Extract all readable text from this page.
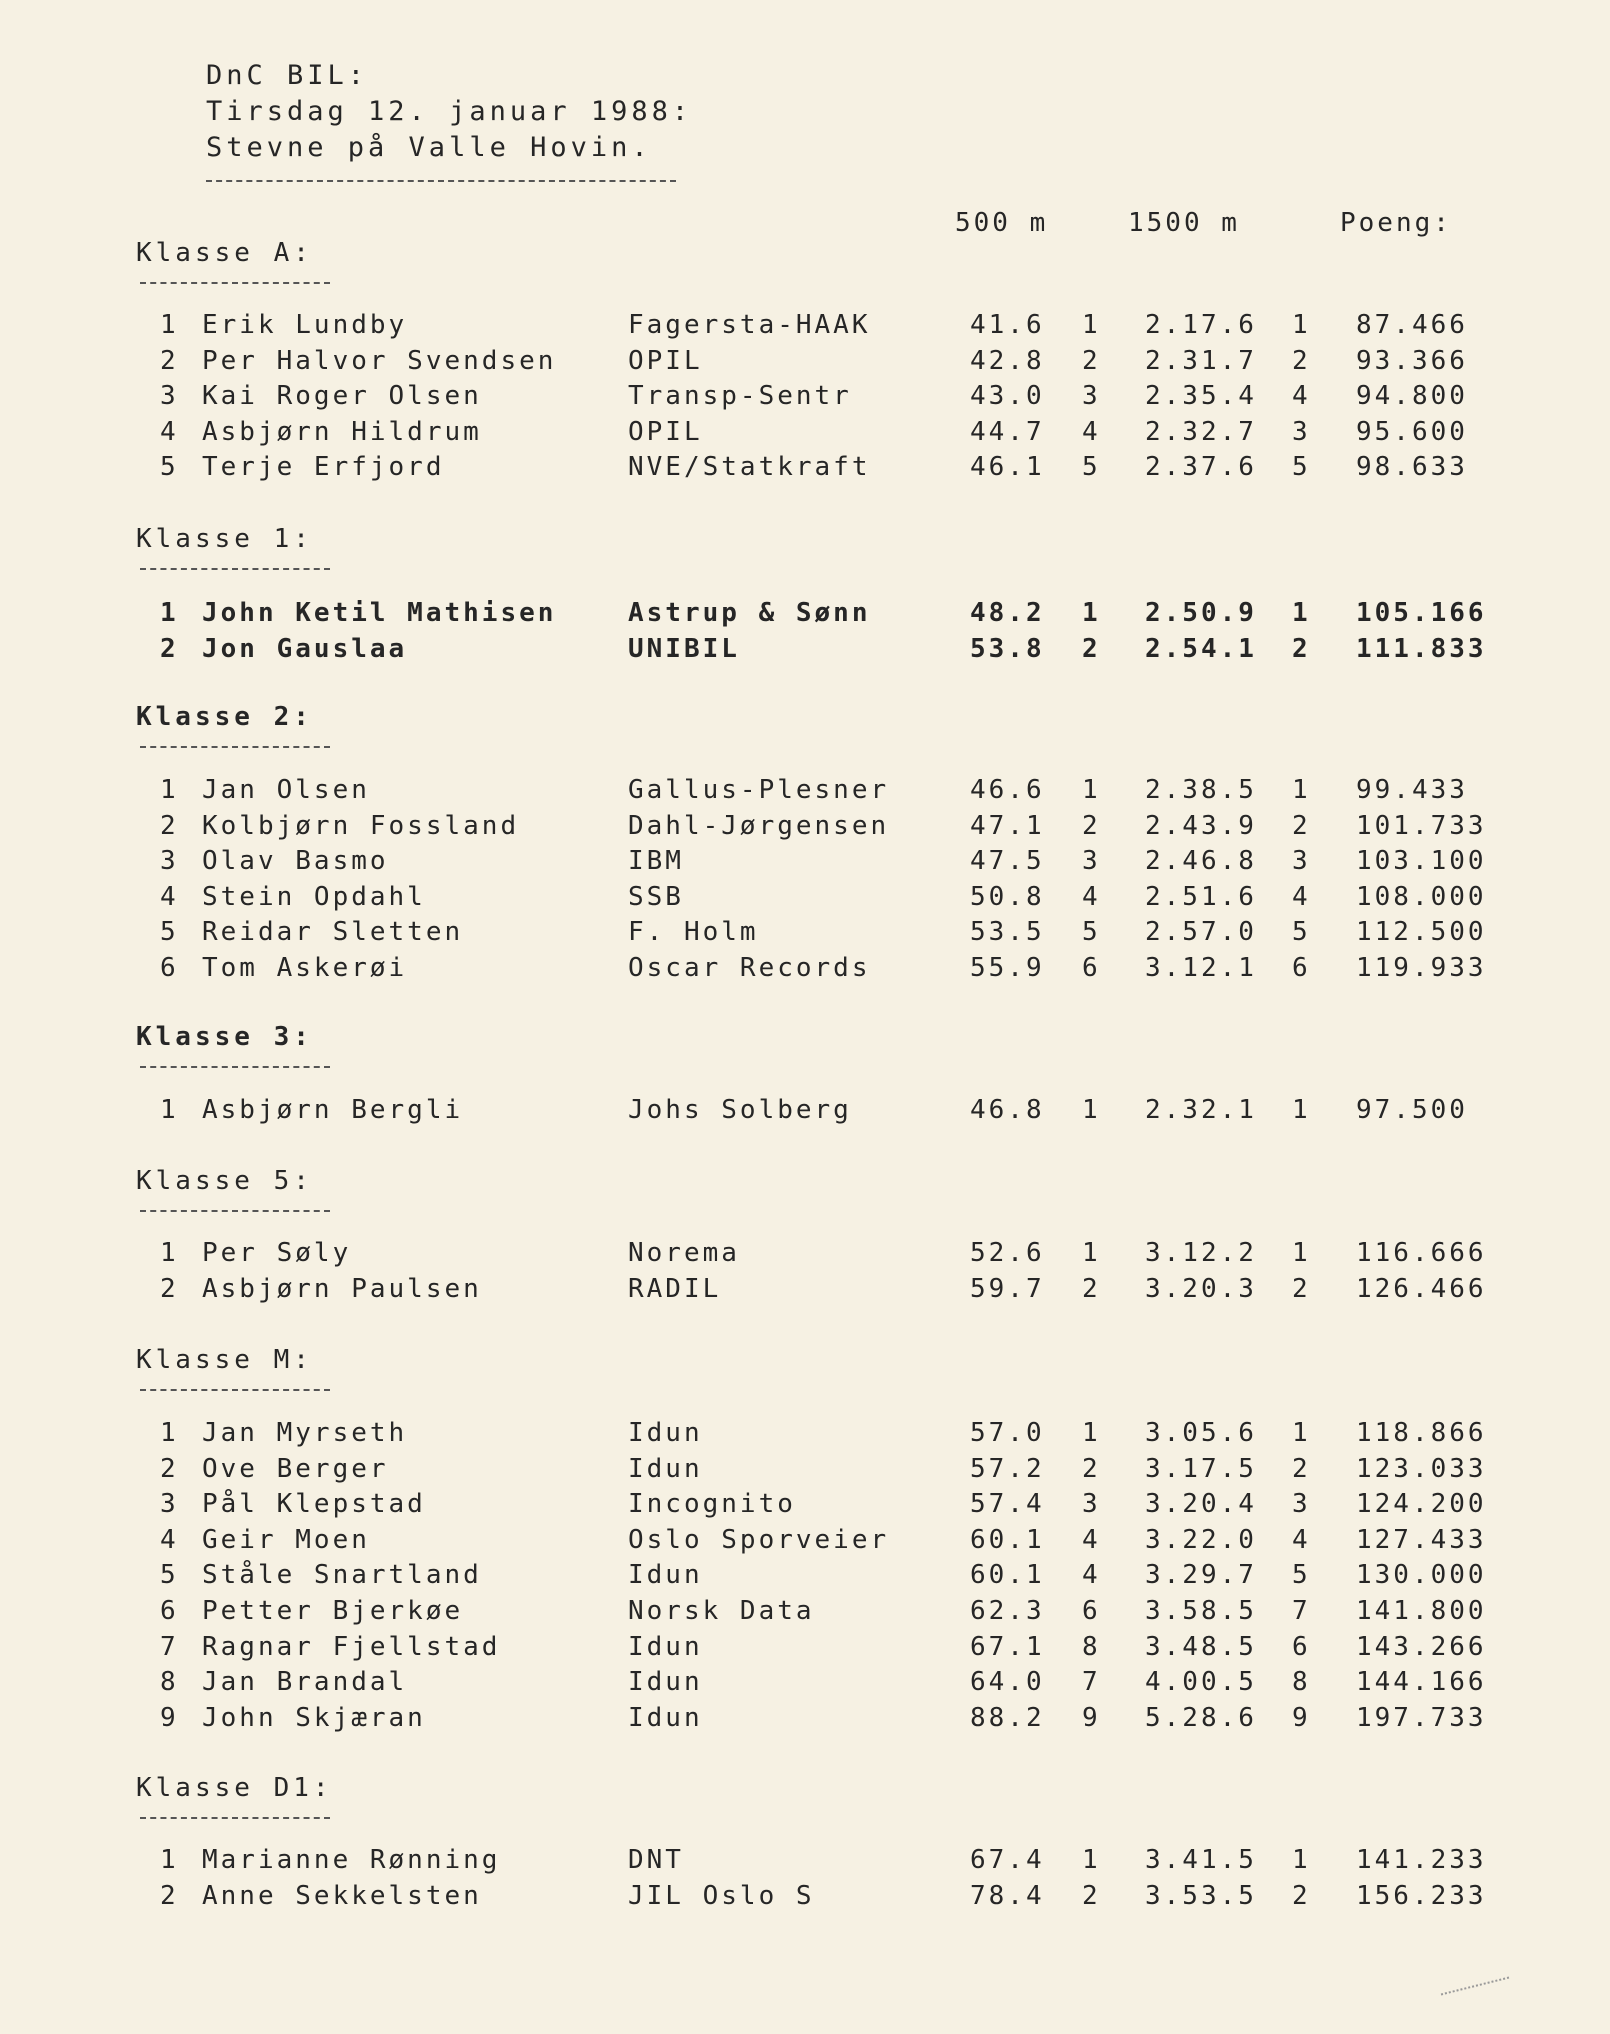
DnC BIL:
Tirsdag 12. januar 1988:
Stevne på Valle Hovin.
500 m	1500 m	Poeng:
Klasse A:
1 Erik Lundby	Fagersta-HAAK	41.6 1 2.17.6 1 87.466
2 Per Halvor Svendsen	OPIL	42.8 2 2.31.7 2 93.366
3 Kai Roger Olsen	Transp-Sentr	43.0 3 2.35.4 4 94.800
4 Asbjørn Hildrum	OPIL	44.7 4 2.32.7 3 95.600
5 Terje Erfjord	NVE/Statkraft	46.1 5 2.37.6 5 98.633
Klasse 1:
1 John Ketil Mathisen	Astrup & Sønn	48.2 1 2.50.9 1 105.166
2 Jon Gauslaa	UNIBIL	53.8 2 2.54.1 2 111.833
Klasse 2:
1 Jan Olsen	Gallus-Plesner	46.6 1 2.38.5 1 99.433
2 Kolbjørn Fossland	Dahl-Jørgensen	47.1 2 2.43.9 2 101.733
3 Olav Basmo	IBM	47.5 3 2.46.8 3 103.100
4 Stein Opdahl	SSB	50.8 4 2.51.6 4 108.000
5 Reidar Sletten	F. Holm	53.5 5 2.57.0 5 112.500
6 Tom Askerøi	Oscar Records	55.9 6 3.12.1 6 119.933
Klasse 3:
1 Asbjørn Bergli	Johs Solberg	46.8 1 2.32.1 1 97.500
Klasse 5:
1 Per Søly	Norema	52.6 1 3.12.2 1 116.666
2 Asbjørn Paulsen	RADIL	59.7 2 3.20.3 2 126.466
Klasse M:
1 Jan Myrseth	Idun	57.0 1 3.05.6 1 118.866
2 Ove Berger	Idun	57.2 2 3.17.5 2 123.033
3 Pål Klepstad	Incognito	57.4 3 3.20.4 3 124.200
4 Geir Moen	Oslo Sporveier	60.1 4 3.22.0 4 127.433
5 Ståle Snartland	Idun	60.1 4 3.29.7 5 130.000
6 Petter Bjerkøe	Norsk Data	62.3 6 3.58.5 7 141.800
7 Ragnar Fjellstad	Idun	67.1 8 3.48.5 6 143.266
8 Jan Brandal	Idun	64.0 7 4.00.5 8 144.166
9 John Skjæran	Idun	88.2 9 5.28.6 9 197.733
Klasse D1:
1 Marianne Rønning	DNT	67.4 1 3.41.5 1 141.233
2 Anne Sekkelsten	JIL Oslo S	78.4 2 3.53.5 2 156.233
